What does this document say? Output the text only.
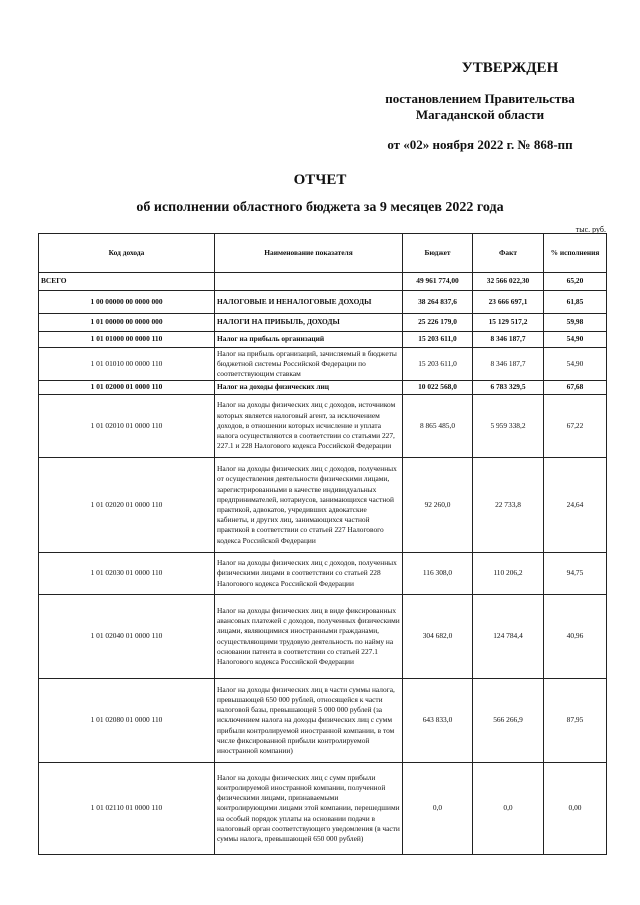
УТВЕРЖДЕН
постановлением Правительства
Магаданской области
от «02» ноября 2022 г. № 868-пп
ОТЧЕТ
об исполнении областного бюджета за 9 месяцев 2022 года
тыс. руб.
Код дохода	Наименование показателя	Бюджет	Факт	% исполнения
ВСЕГО		49 961 774,00	32 566 022,30	65,20
1 00 00000 00 0000 000	НАЛОГОВЫЕ И НЕНАЛОГОВЫЕ ДОХОДЫ	38 264 837,6	23 666 697,1	61,85
1 01 00000 00 0000 000	НАЛОГИ НА ПРИБЫЛЬ, ДОХОДЫ	25 226 179,0	15 129 517,2	59,98
1 01 01000 00 0000 110	Налог на прибыль организаций	15 203 611,0	8 346 187,7	54,90
1 01 01010 00 0000 110	Налог на прибыль организаций, зачисляемый в бюджеты бюджетной системы Российской Федерации по соответствующим ставкам	15 203 611,0	8 346 187,7	54,90
1 01 02000 01 0000 110	Налог на доходы физических лиц	10 022 568,0	6 783 329,5	67,68
1 01 02010 01 0000 110	Налог на доходы физических лиц с доходов, источником которых является налоговый агент, за исключением доходов, в отношении которых исчисление и уплата налога осуществляются в соответствии со статьями 227, 227.1 и 228 Налогового кодекса Российской Федерации	8 865 485,0	5 959 338,2	67,22
1 01 02020 01 0000 110	Налог на доходы физических лиц с доходов, полученных от осуществления деятельности физическими лицами, зарегистрированными в качестве индивидуальных предпринимателей, нотариусов, занимающихся частной практикой, адвокатов, учредивших адвокатские кабинеты, и других лиц, занимающихся частной практикой в соответствии со статьей 227 Налогового кодекса Российской Федерации	92 260,0	22 733,8	24,64
1 01 02030 01 0000 110	Налог на доходы физических лиц с доходов, полученных физическими лицами в соответствии со статьей 228 Налогового кодекса Российской Федерации	116 308,0	110 206,2	94,75
1 01 02040 01 0000 110	Налог на доходы физических лиц в виде фиксированных авансовых платежей с доходов, полученных физическими лицами, являющимися иностранными гражданами, осуществляющими трудовую деятельность по найму на основании патента в соответствии со статьей 227.1 Налогового кодекса Российской Федерации	304 682,0	124 784,4	40,96
1 01 02080 01 0000 110	Налог на доходы физических лиц в части суммы налога, превышающей 650 000 рублей, относящейся к части налоговой базы, превышающей 5 000 000 рублей (за исключением налога на доходы физических лиц с сумм прибыли контролируемой иностранной компании, в том числе фиксированной прибыли контролируемой иностранной компании)	643 833,0	566 266,9	87,95
1 01 02110 01 0000 110	Налог на доходы физических лиц с сумм прибыли контролируемой иностранной компании, полученной физическими лицами, признаваемыми контролирующими лицами этой компании, перешедшими на особый порядок уплаты на основании подачи в налоговый орган соответствующего уведомления (в части суммы налога, превышающей 650 000 рублей)	0,0	0,0	0,00
